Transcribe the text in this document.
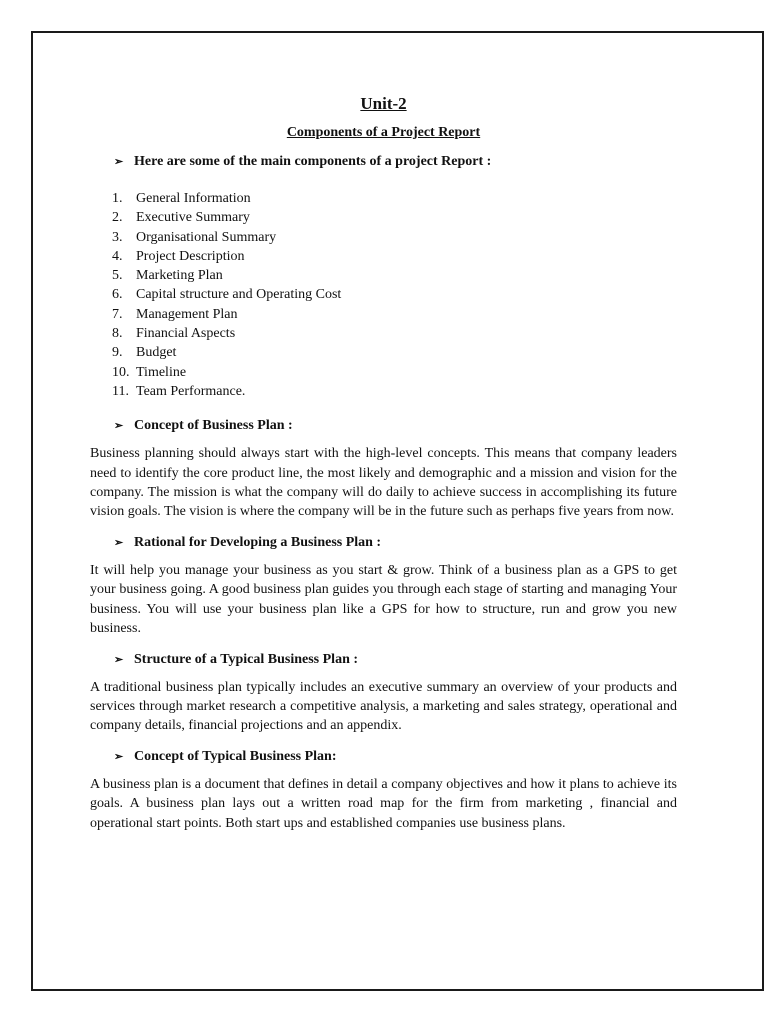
Unit-2
Components of a Project Report
➢ Here are some of the main components of a project Report :
1. General Information
2. Executive Summary
3. Organisational Summary
4. Project Description
5. Marketing Plan
6. Capital structure and Operating Cost
7. Management Plan
8. Financial Aspects
9. Budget
10. Timeline
11. Team Performance.
➢ Concept of Business Plan :

Business planning should always start with the high-level concepts. This means that company leaders need to identify the core product line, the most likely and demographic and a mission and vision for the company. The mission is what the company will do daily to achieve success in accomplishing its future vision goals. The vision is where the company will be in the future such as perhaps five years from now.

➢ Rational for Developing a Business Plan :

It will help you manage your business as you start & grow. Think of a business plan as a GPS to get your business going. A good business plan guides you through each stage of starting and managing Your business. You will use your business plan like a GPS for how to structure, run and grow you new business.

➢ Structure of a Typical Business Plan :

A traditional business plan typically includes an executive summary an overview of your products and services through market research a competitive analysis, a marketing and sales strategy, operational and company details, financial projections and an appendix.

➢ Concept of Typical Business Plan:

A business plan is a document that defines in detail a company objectives and how it plans to achieve its goals. A business plan lays out a written road map for the firm from marketing , financial and operational start points. Both start ups and established companies use business plans.
